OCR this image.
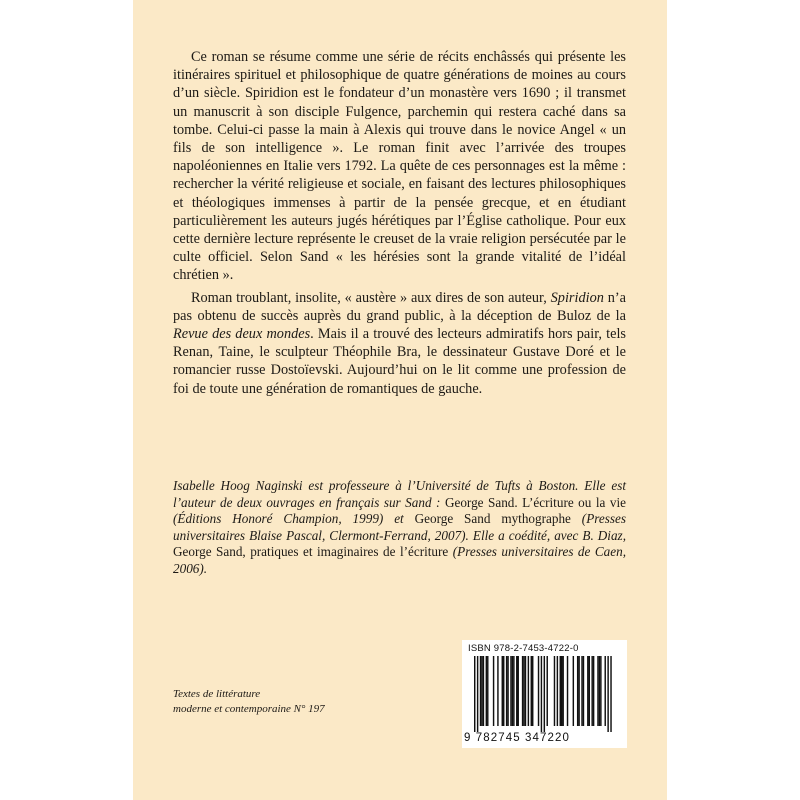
Ce roman se résume comme une série de récits enchâssés qui présente les itinéraires spirituel et philosophique de quatre générations de moines au cours d’un siècle. Spiridion est le fondateur d’un monastère vers 1690 ; il transmet un manuscrit à son disciple Fulgence, parchemin qui restera caché dans sa tombe. Celui-ci passe la main à Alexis qui trouve dans le novice Angel « un fils de son intelligence ». Le roman finit avec l’arrivée des troupes napoléoniennes en Italie vers 1792. La quête de ces personnages est la même : rechercher la vérité religieuse et sociale, en faisant des lectures philosophiques et théologiques immenses à partir de la pensée grecque, et en étudiant particulièrement les auteurs jugés hérétiques par l’Église catholique. Pour eux cette dernière lecture représente le creuset de la vraie religion persécutée par le culte officiel. Selon Sand « les hérésies sont la grande vitalité de l’idéal chrétien ».

Roman troublant, insolite, « austère » aux dires de son auteur, Spiridion n’a pas obtenu de succès auprès du grand public, à la déception de Buloz de la Revue des deux mondes. Mais il a trouvé des lecteurs admiratifs hors pair, tels Renan, Taine, le sculpteur Théophile Bra, le dessinateur Gustave Doré et le romancier russe Dostoïevski. Aujourd’hui on le lit comme une profession de foi de toute une génération de romantiques de gauche.

Isabelle Hoog Naginski est professeure à l’Université de Tufts à Boston. Elle est l’auteur de deux ouvrages en français sur Sand : George Sand. L’écriture ou la vie (Éditions Honoré Champion, 1999) et George Sand mythographe (Presses universitaires Blaise Pascal, Clermont-Ferrand, 2007). Elle a coédité, avec B. Diaz, George Sand, pratiques et imaginaires de l’écriture (Presses universitaires de Caen, 2006).
Textes de littérature
moderne et contemporaine N° 197
ISBN 978-2-7453-4722-0
9 782745 347220
